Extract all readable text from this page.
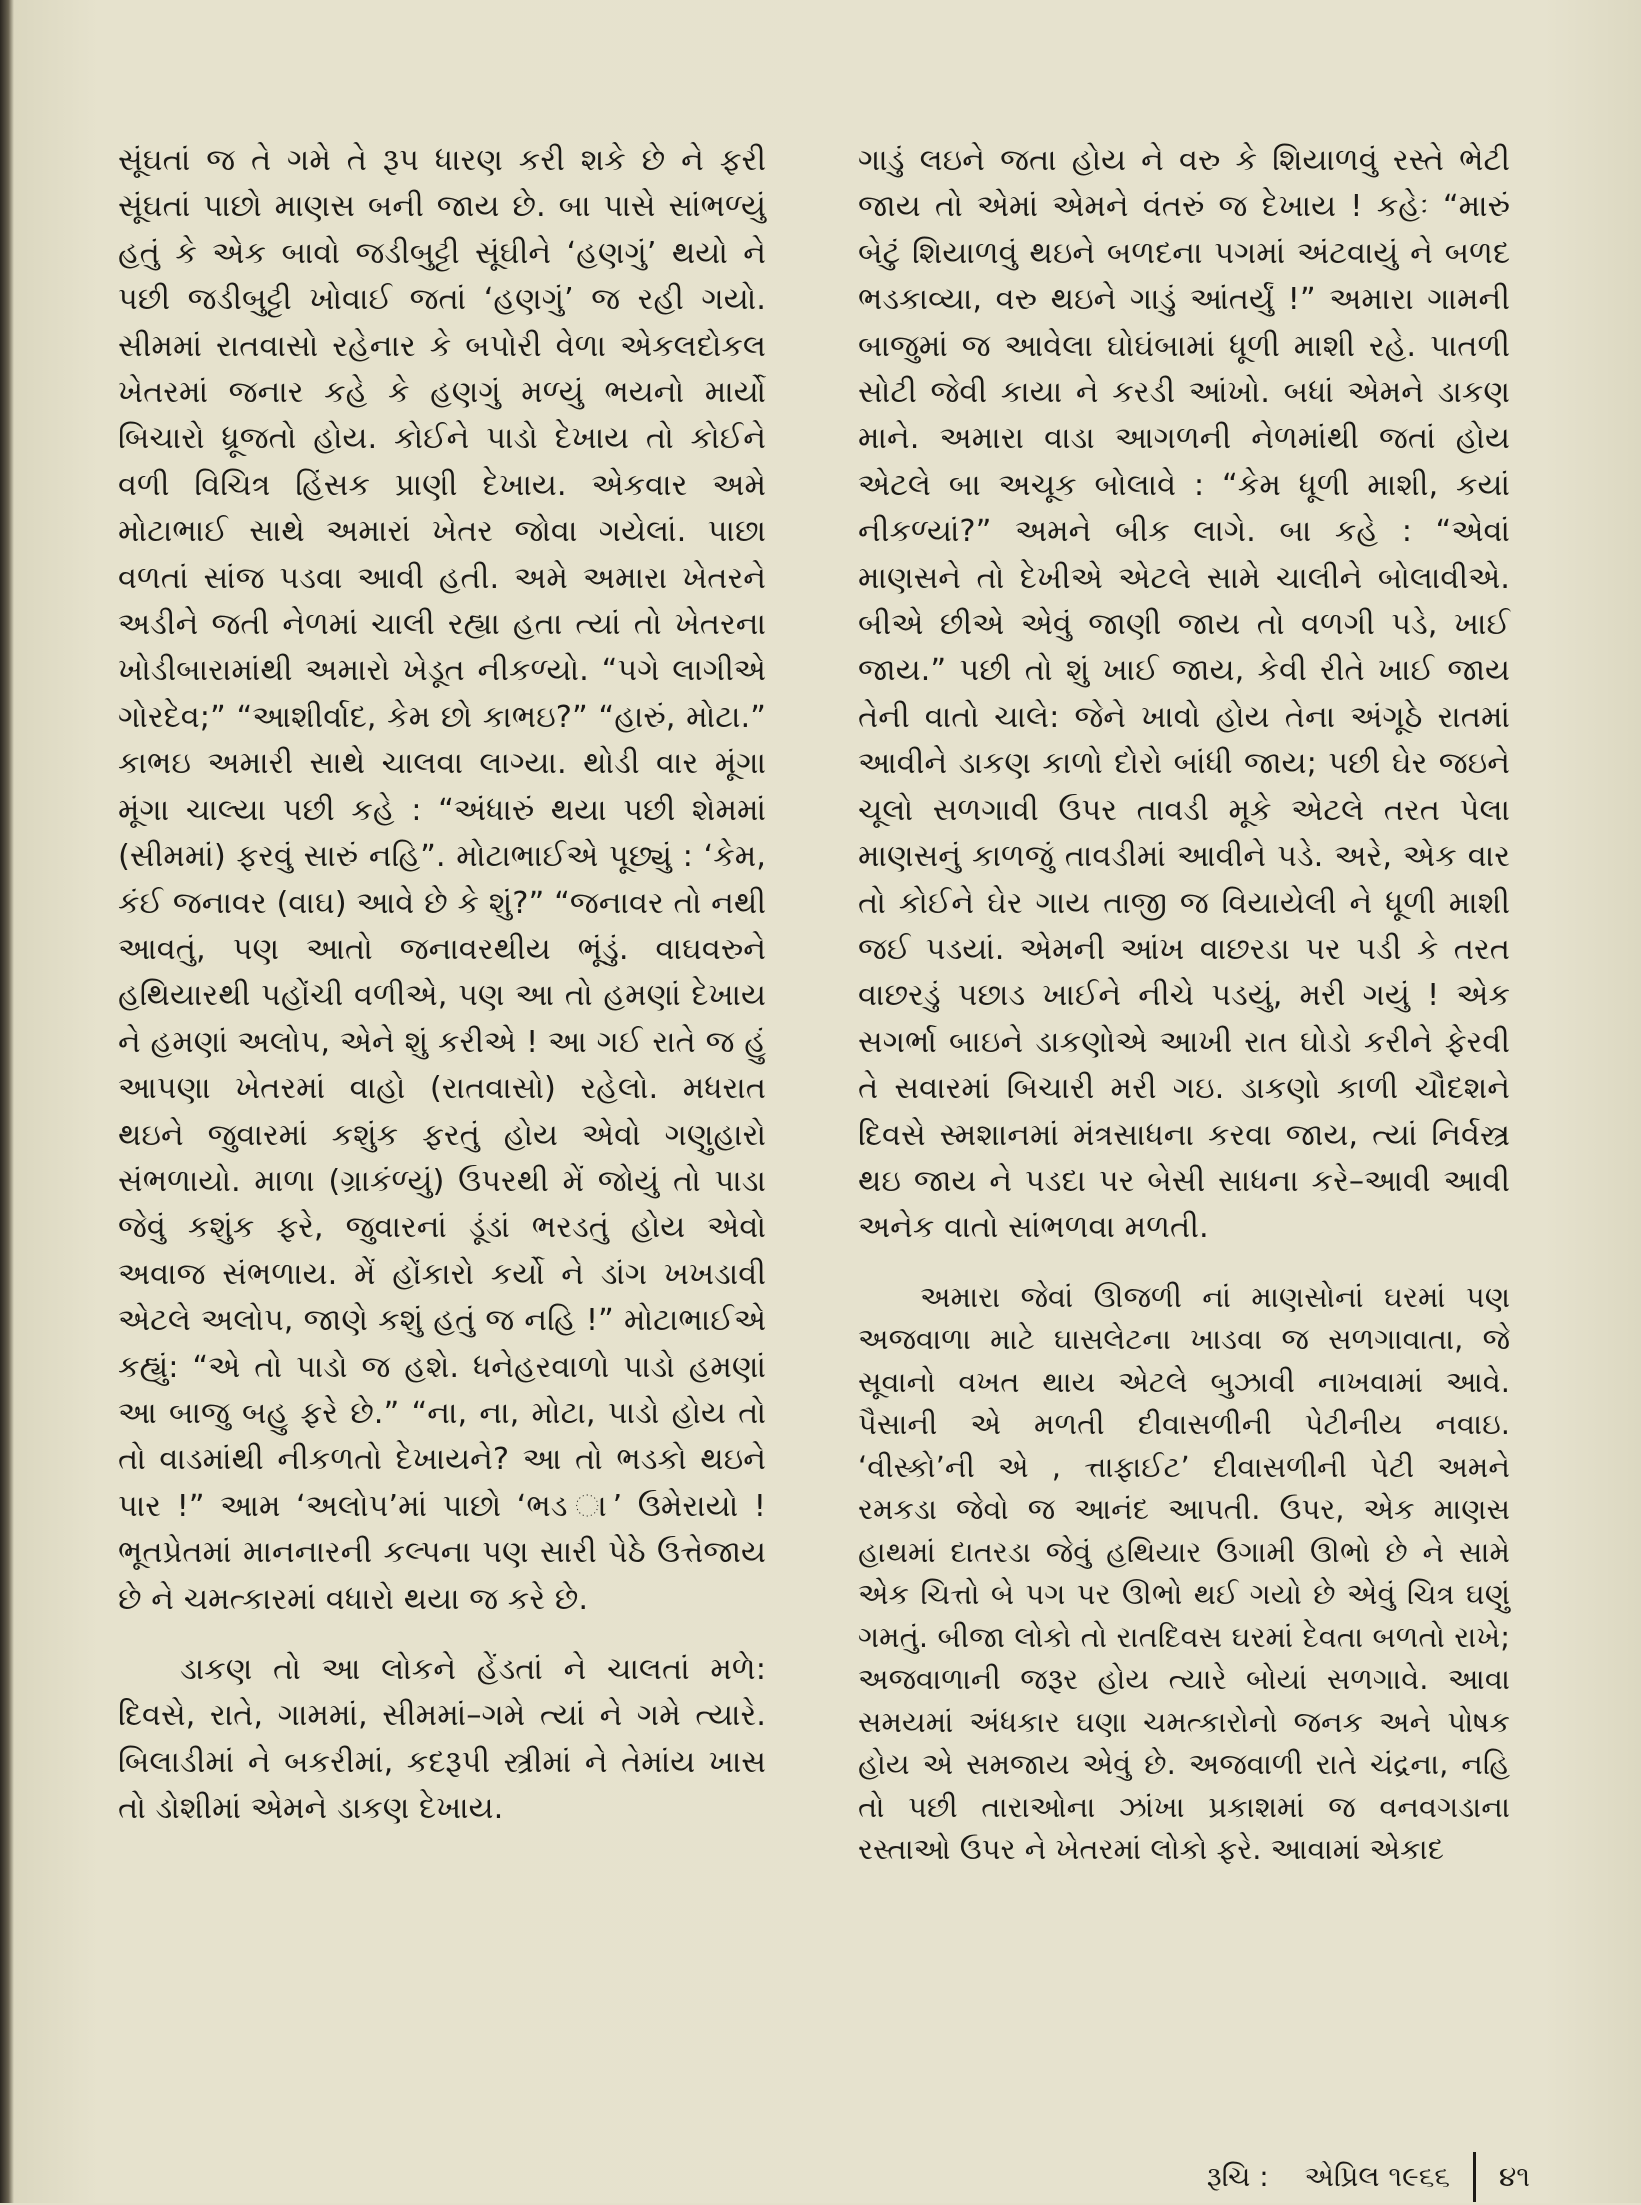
સૂંઘતાં જ તે ગમે તે રૂપ ધારણ કરી શકે છે ને ફરી સૂંઘતાં પાછો માણસ બની જાય છે. બા પાસે સાંભળ્યું હતું કે એક બાવો જડીબુટ્ટી સૂંઘીને ‘હણગું’ થયો ને પછી જડીબુટ્ટી ખોવાઈ જતાં ‘હણગું’ જ રહી ગયો. સીમમાં રાતવાસો રહેનાર કે બપોરી વેળા એકલદોકલ ખેતરમાં જનાર કહે કે હણગું મળ્યું ભયનો માર્યો બિચારો ધ્રૂજતો હોય. કોઈને પાડો દેખાય તો કોઈને વળી વિચિત્ર હિંસક પ્રાણી દેખાય. એકવાર અમે મોટાભાઈ સાથે અમારાં ખેતર જોવા ગયેલાં. પાછા વળતાં સાંજ પડવા આવી હતી. અમે અમારા ખેતરને અડીને જતી નેળમાં ચાલી રહ્યા હતા ત્યાં તો ખેતરના ખોડીબારામાંથી અમારો ખેડૂત નીકળ્યો. “પગે લાગીએ ગોરદેવ;” “આશીર્વાદ, કેમ છો કાભઇ?” “હારું, મોટા.” કાભઇ અમારી સાથે ચાલવા લાગ્યા. થોડી વાર મૂંગા મૂંગા ચાલ્યા પછી કહે : “અંધારું થયા પછી શેમમાં (સીમમાં) ફરવું સારું નહિ”. મોટાભાઈએ પૂછ્યું : ‘કેમ, કંઈ જનાવર (વાઘ) આવે છે કે શું?” “જનાવર તો નથી આવતું, પણ આતો જનાવરથીય ભૂંડું. વાઘવરુને હથિયારથી પહોંચી વળીએ, પણ આ તો હમણાં દેખાય ને હમણાં અલોપ, એને શું કરીએ ! આ ગઈ રાતે જ હું આપણા ખેતરમાં વાહો (રાતવાસો) રહેલો. મધરાત થઇને જુવારમાં કશુંક ફરતું હોય એવો ગણુહારો સંભળાયો. માળા (ગ્રાકંળ્યું) ઉપરથી મેં જોયું તો પાડા જેવું કશુંક ફરે, જુવારનાં ડૂંડાં ભરડતું હોય એવો અવાજ સંભળાય. મેં હોંકારો કર્યો ને ડાંગ ખખડાવી એટલે અલોપ, જાણે કશું હતું જ નહિ !” મોટાભાઈએ કહ્યું: “એ તો પાડો જ હશે. ધનેહરવાળો પાડો હમણાં આ બાજુ બહુ ફરે છે.” “ના, ના, મોટા, પાડો હોય તો તો વાડમાંથી નીકળતો દેખાયને? આ તો ભડકો થઇને પાર !” આમ ‘અલોપ’માં પાછો ‘ભડ ા’ ઉમેરાયો ! ભૂતપ્રેતમાં માનનારની કલ્પના પણ સારી પેઠે ઉત્તેજાય છે ને ચમત્કારમાં વધારો થયા જ કરે છે.

ડાકણ તો આ લોકને હેંડતાં ને ચાલતાં મળે: દિવસે, રાતે, ગામમાં, સીમમાં–ગમે ત્યાં ને ગમે ત્યારે. બિલાડીમાં ને બકરીમાં, કદરૂપી સ્ત્રીમાં ને તેમાંય ખાસ તો ડોશીમાં એમને ડાકણ દેખાય.

ગાડું લઇને જતા હોય ને વરુ કે શિયાળવું રસ્તે ભેટી જાય તો એમાં એમને વંતરું જ દેખાય ! કહેઃ “મારું બેટું શિયાળવું થઇને બળદના પગમાં અંટવાયું ને બળદ ભડકાવ્યા, વરુ થઇને ગાડું આંતર્યું !” અમારા ગામની બાજુમાં જ આવેલા ઘોઘંબામાં ધૂળી માશી રહે. પાતળી સોટી જેવી કાયા ને કરડી આંખો. બધાં એમને ડાકણ માને. અમારા વાડા આગળની નેળમાંથી જતાં હોય એટલે બા અચૂક બોલાવે : “કેમ ધૂળી માશી, કયાં નીકળ્યાં?” અમને બીક લાગે. બા કહે : “એવાં માણસને તો દેખીએ એટલે સામે ચાલીને બોલાવીએ. બીએ છીએ એવું જાણી જાય તો વળગી પડે, ખાઈ જાય.” પછી તો શું ખાઈ જાય, કેવી રીતે ખાઈ જાય તેની વાતો ચાલે: જેને ખાવો હોય તેના અંગૂઠે રાતમાં આવીને ડાકણ કાળો દોરો બાંધી જાય; પછી ઘેર જઇને ચૂલો સળગાવી ઉપર તાવડી મૂકે એટલે તરત પેલા માણસનું કાળજું તાવડીમાં આવીને પડે. અરે, એક વાર તો કોઈને ઘેર ગાય તાજી જ વિયાયેલી ને ધૂળી માશી જઈ પડયાં. એમની આંખ વાછરડા પર પડી કે તરત વાછરડું પછાડ ખાઈને નીચે પડયું, મરી ગયું ! એક સગર્ભા બાઇને ડાકણોએ આખી રાત ઘોડો કરીને ફેરવી તે સવારમાં બિચારી મરી ગઇ. ડાકણો કાળી ચૌદશને દિવસે સ્મશાનમાં મંત્રસાધના કરવા જાય, ત્યાં નિર્વસ્ત્ર થઇ જાય ને પડદા પર બેસી સાધના કરે–આવી આવી અનેક વાતો સાંભળવા મળતી.

અમારા જેવાં ઊજળી નાં માણસોનાં ઘરમાં પણ અજવાળા માટે ઘાસલેટના ખાડવા જ સળગાવાતા, જે સૂવાનો વખત થાય એટલે બુઝાવી નાખવામાં આવે. પૈસાની એ મળતી દીવાસળીની પેટીનીય નવાઇ. ‘વીસ્કો’ની એ , ત્તાફાઈટ’ દીવાસળીની પેટી અમને રમકડા જેવો જ આનંદ આપતી. ઉપર, એક માણસ હાથમાં દાતરડા જેવું હથિયાર ઉગામી ઊભો છે ને સામે એક ચિત્તો બે પગ પર ઊભો થઈ ગયો છે એવું ચિત્ર ઘણું ગમતું. બીજા લોકો તો રાતદિવસ ઘરમાં દેવતા બળતો રાખે; અજવાળાની જરૂર હોય ત્યારે બોયાં સળગાવે. આવા સમયમાં અંધકાર ઘણા ચમત્કારોનો જનક અને પોષક હોય એ સમજાય એવું છે. અજવાળી રાતે ચંદ્રના, નહિ તો પછી તારાઓના ઝાંખા પ્રકાશમાં જ વનવગડાના રસ્તાઓ ઉપર ને ખેતરમાં લોકો ફરે. આવામાં એકાદ

રૂચિ : એપ્રિલ ૧૯૬૬ ૪૧
